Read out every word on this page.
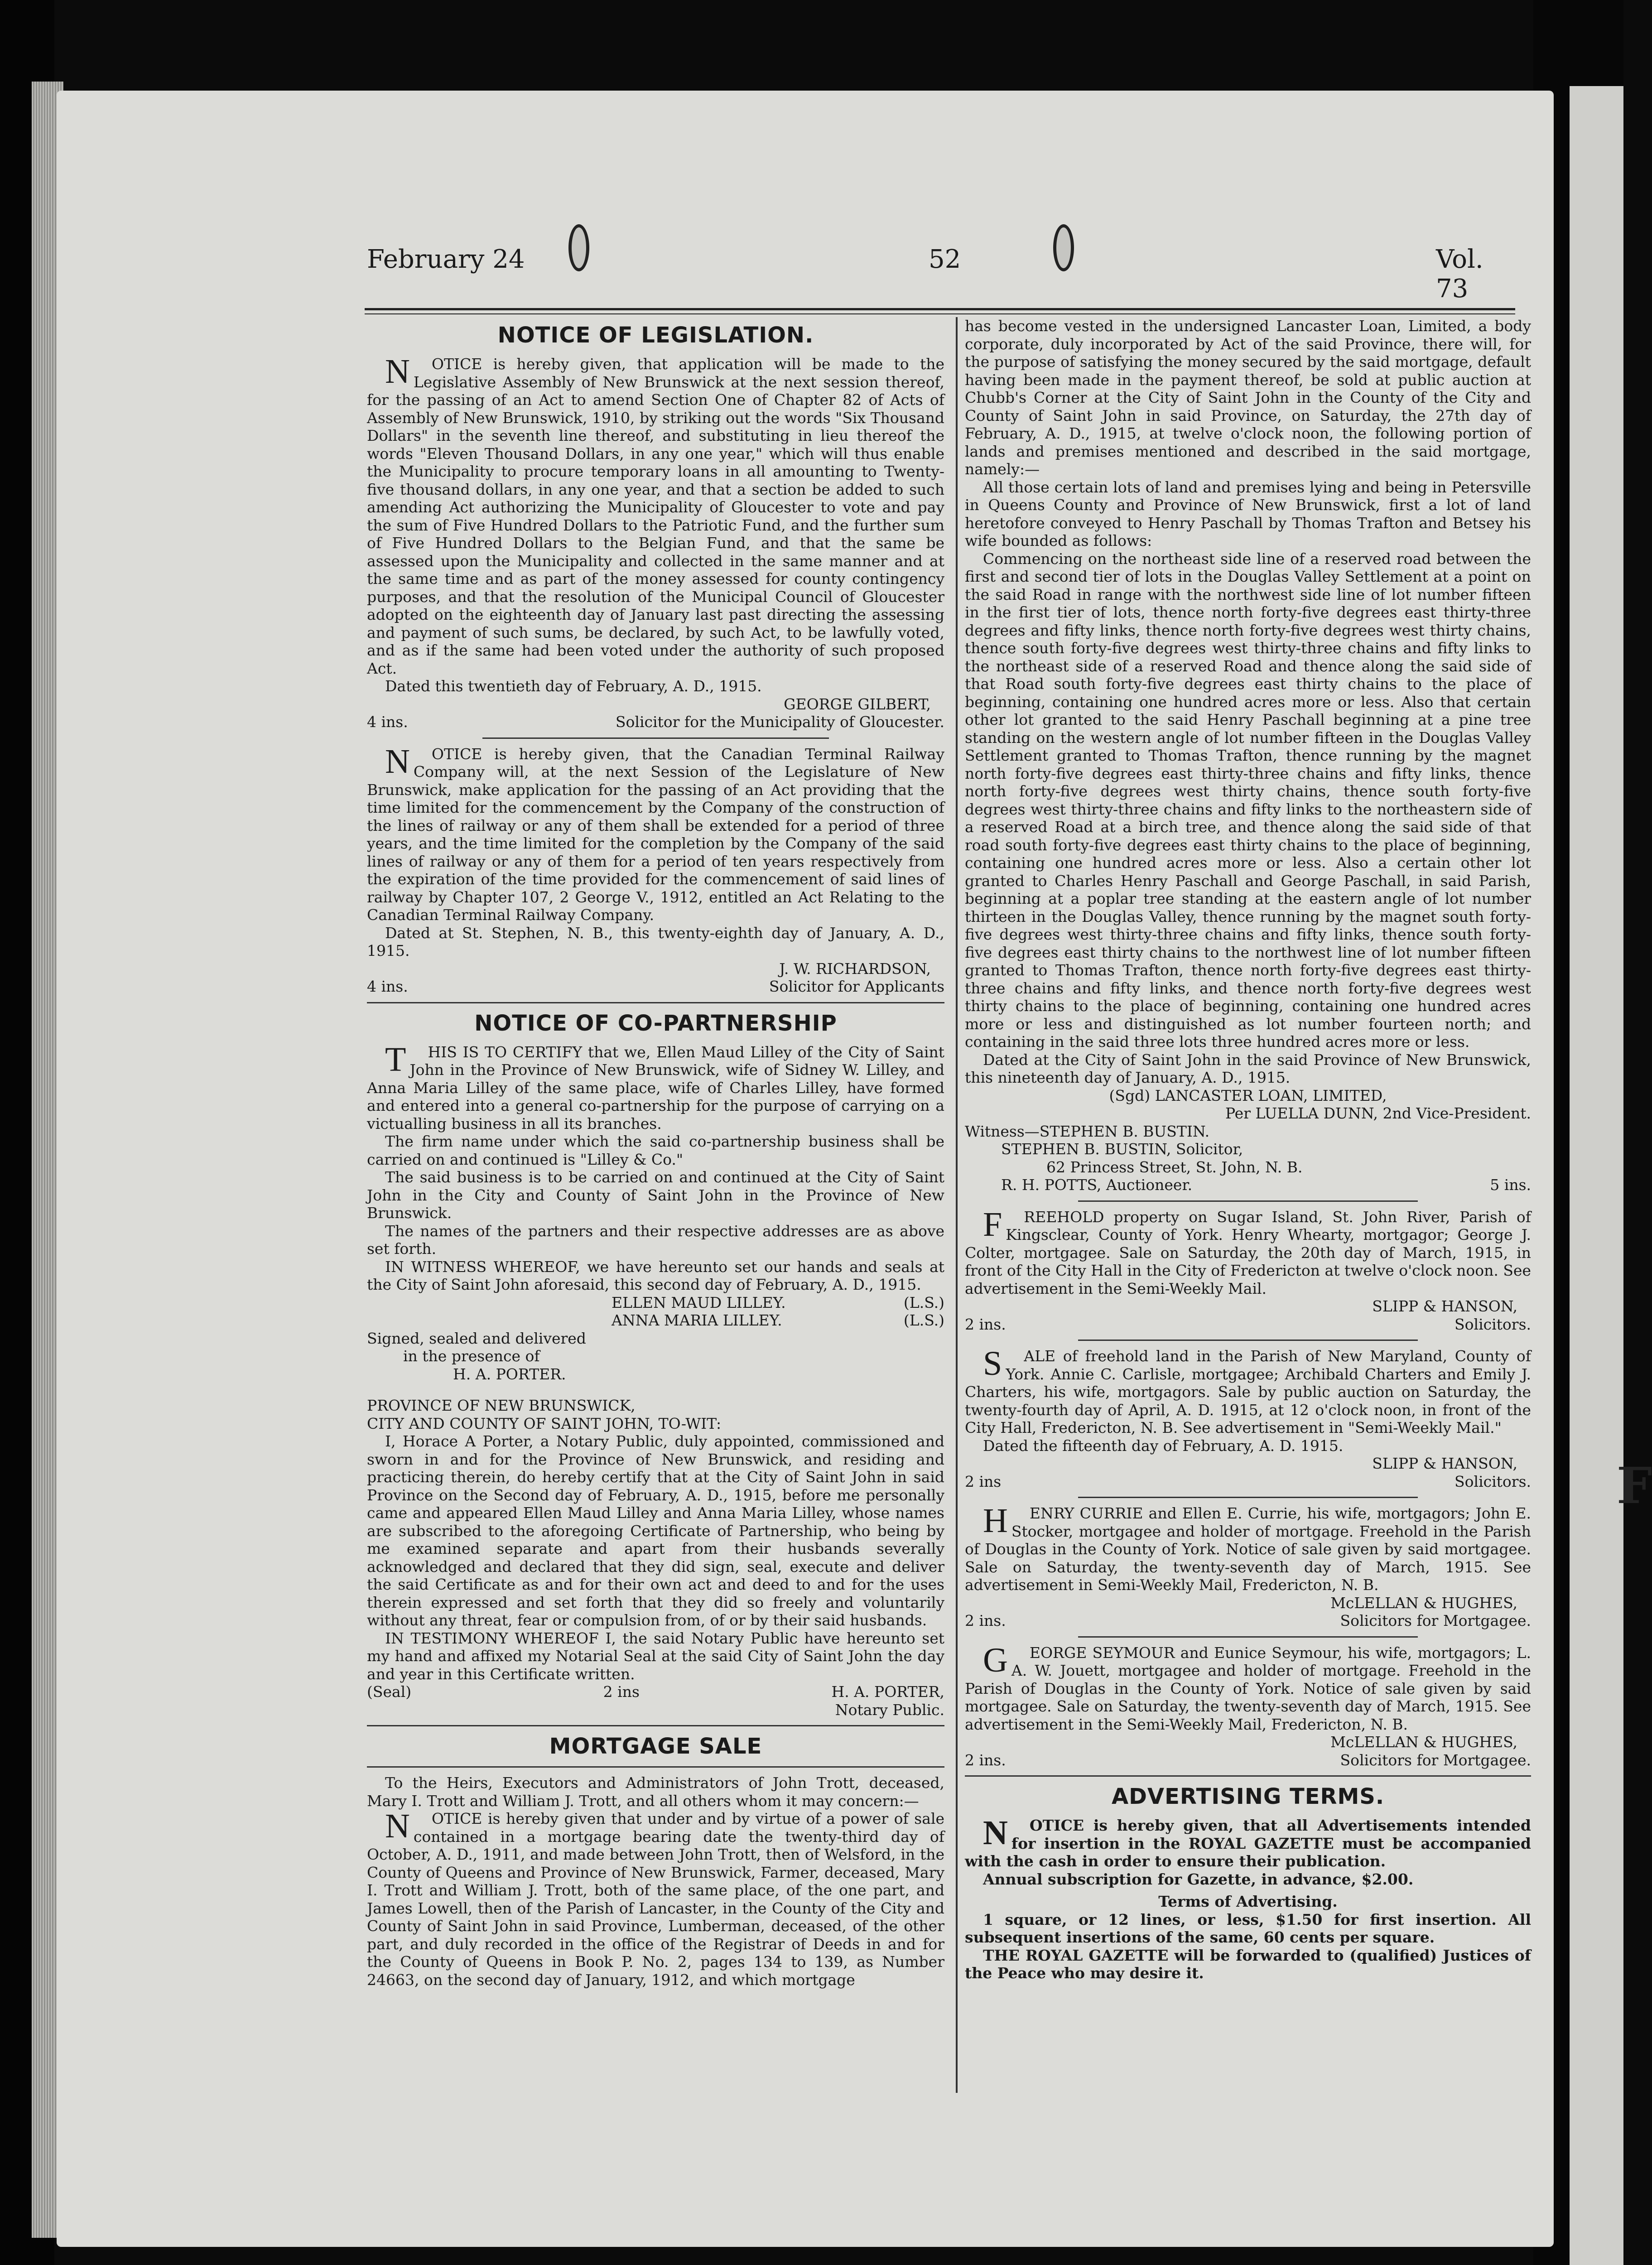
F
February 24	52	Vol. 73
NOTICE OF LEGISLATION.

N OTICE is hereby given, that application will be made to the Legislative Assembly of New Brunswick at the next session thereof, for the passing of an Act to amend Section One of Chapter 82 of Acts of Assembly of New Brunswick, 1910, by striking out the words "Six Thousand Dollars" in the seventh line thereof, and substituting in lieu thereof the words "Eleven Thousand Dollars, in any one year," which will thus enable the Municipality to procure temporary loans in all amounting to Twenty-five thousand dollars, in any one year, and that a section be added to such amending Act authorizing the Municipality of Gloucester to vote and pay the sum of Five Hundred Dollars to the Patriotic Fund, and the further sum of Five Hundred Dollars to the Belgian Fund, and that the same be assessed upon the Municipality and collected in the same manner and at the same time and as part of the money assessed for county contingency purposes, and that the resolution of the Municipal Council of Gloucester adopted on the eighteenth day of January last past directing the assessing and payment of such sums, be declared, by such Act, to be lawfully voted, and as if the same had been voted under the authority of such proposed Act.

Dated this twentieth day of February, A. D., 1915.

GEORGE GILBERT,

4 ins.	Solicitor for the Municipality of Gloucester.

N OTICE is hereby given, that the Canadian Terminal Railway Company will, at the next Session of the Legislature of New Brunswick, make application for the passing of an Act providing that the time limited for the commencement by the Company of the construction of the lines of railway or any of them shall be extended for a period of three years, and the time limited for the completion by the Company of the said lines of railway or any of them for a period of ten years respectively from the expiration of the time provided for the commencement of said lines of railway by Chapter 107, 2 George V., 1912, entitled an Act Relating to the Canadian Terminal Railway Company.

Dated at St. Stephen, N. B., this twenty-eighth day of January, A. D., 1915.

J. W. RICHARDSON,

4 ins.	Solicitor for Applicants
NOTICE OF CO-PARTNERSHIP

T HIS IS TO CERTIFY that we, Ellen Maud Lilley of the City of Saint John in the Province of New Brunswick, wife of Sidney W. Lilley, and Anna Maria Lilley of the same place, wife of Charles Lilley, have formed and entered into a general co-partnership for the purpose of carrying on a victualling business in all its branches.

The firm name under which the said co-partnership business shall be carried on and continued is "Lilley & Co."

The said business is to be carried on and continued at the City of Saint John in the City and County of Saint John in the Province of New Brunswick.

The names of the partners and their respective addresses are as above set forth.

IN WITNESS WHEREOF, we have hereunto set our hands and seals at the City of Saint John aforesaid, this second day of February, A. D., 1915.

ELLEN MAUD LILLEY.	(L.S.)
ANNA MARIA LILLEY.	(L.S.)

Signed, sealed and delivered

in the presence of

H. A. PORTER.

PROVINCE OF NEW BRUNSWICK,

CITY AND COUNTY OF SAINT JOHN, TO-WIT:

I, Horace A Porter, a Notary Public, duly appointed, commissioned and sworn in and for the Province of New Brunswick, and residing and practicing therein, do hereby certify that at the City of Saint John in said Province on the Second day of February, A. D., 1915, before me personally came and appeared Ellen Maud Lilley and Anna Maria Lilley, whose names are subscribed to the aforegoing Certificate of Partnership, who being by me examined separate and apart from their husbands severally acknowledged and declared that they did sign, seal, execute and deliver the said Certificate as and for their own act and deed to and for the uses therein expressed and set forth that they did so freely and voluntarily without any threat, fear or compulsion from, of or by their said husbands.

IN TESTIMONY WHEREOF I, the said Notary Public have hereunto set my hand and affixed my Notarial Seal at the said City of Saint John the day and year in this Certificate written.

(Seal)	2 ins	H. A. PORTER,

Notary Public.

MORTGAGE SALE

To the Heirs, Executors and Administrators of John Trott, deceased, Mary I. Trott and William J. Trott, and all others whom it may concern:—

N OTICE is hereby given that under and by virtue of a power of sale contained in a mortgage bearing date the twenty-third day of October, A. D., 1911, and made between John Trott, then of Welsford, in the County of Queens and Province of New Brunswick, Farmer, deceased, Mary I. Trott and William J. Trott, both of the same place, of the one part, and James Lowell, then of the Parish of Lancaster, in the County of the City and County of Saint John in said Province, Lumberman, deceased, of the other part, and duly recorded in the office of the Registrar of Deeds in and for the County of Queens in Book P. No. 2, pages 134 to 139, as Number 24663, on the second day of January, 1912, and which mortgage

has become vested in the undersigned Lancaster Loan, Limited, a body corporate, duly incorporated by Act of the said Province, there will, for the purpose of satisfying the money secured by the said mortgage, default having been made in the payment thereof, be sold at public auction at Chubb's Corner at the City of Saint John in the County of the City and County of Saint John in said Province, on Saturday, the 27th day of February, A. D., 1915, at twelve o'clock noon, the following portion of lands and premises mentioned and described in the said mortgage, namely:—

All those certain lots of land and premises lying and being in Petersville in Queens County and Province of New Brunswick, first a lot of land heretofore conveyed to Henry Paschall by Thomas Trafton and Betsey his wife bounded as follows:

Commencing on the northeast side line of a reserved road between the first and second tier of lots in the Douglas Valley Settlement at a point on the said Road in range with the northwest side line of lot number fifteen in the first tier of lots, thence north forty-five degrees east thirty-three degrees and fifty links, thence north forty-five degrees west thirty chains, thence south forty-five degrees west thirty-three chains and fifty links to the northeast side of a reserved Road and thence along the said side of that Road south forty-five degrees east thirty chains to the place of beginning, containing one hundred acres more or less. Also that certain other lot granted to the said Henry Paschall beginning at a pine tree standing on the western angle of lot number fifteen in the Douglas Valley Settlement granted to Thomas Trafton, thence running by the magnet north forty-five degrees east thirty-three chains and fifty links, thence north forty-five degrees west thirty chains, thence south forty-five degrees west thirty-three chains and fifty links to the northeastern side of a reserved Road at a birch tree, and thence along the said side of that road south forty-five degrees east thirty chains to the place of beginning, containing one hundred acres more or less. Also a certain other lot granted to Charles Henry Paschall and George Paschall, in said Parish, beginning at a poplar tree standing at the eastern angle of lot number thirteen in the Douglas Valley, thence running by the magnet south forty-five degrees west thirty-three chains and fifty links, thence south forty-five degrees east thirty chains to the northwest line of lot number fifteen granted to Thomas Trafton, thence north forty-five degrees east thirty-three chains and fifty links, and thence north forty-five degrees west thirty chains to the place of beginning, containing one hundred acres more or less and distinguished as lot number fourteen north; and containing in the said three lots three hundred acres more or less.

Dated at the City of Saint John in the said Province of New Brunswick, this nineteenth day of January, A. D., 1915.

(Sgd) LANCASTER LOAN, LIMITED,

Per LUELLA DUNN, 2nd Vice-President.

Witness—STEPHEN B. BUSTIN.

STEPHEN B. BUSTIN, Solicitor,

62 Princess Street, St. John, N. B.

R. H. POTTS, Auctioneer.	5 ins.

F REEHOLD property on Sugar Island, St. John River, Parish of Kingsclear, County of York. Henry Whearty, mortgagor; George J. Colter, mortgagee. Sale on Saturday, the 20th day of March, 1915, in front of the City Hall in the City of Fredericton at twelve o'clock noon. See advertisement in the Semi-Weekly Mail.

SLIPP & HANSON,

2 ins.	Solicitors.

S ALE of freehold land in the Parish of New Maryland, County of York. Annie C. Carlisle, mortgagee; Archibald Charters and Emily J. Charters, his wife, mortgagors. Sale by public auction on Saturday, the twenty-fourth day of April, A. D. 1915, at 12 o'clock noon, in front of the City Hall, Fredericton, N. B. See advertisement in "Semi-Weekly Mail."

Dated the fifteenth day of February, A. D. 1915.

SLIPP & HANSON,

2 ins	Solicitors.

H ENRY CURRIE and Ellen E. Currie, his wife, mortgagors; John E. Stocker, mortgagee and holder of mortgage. Freehold in the Parish of Douglas in the County of York. Notice of sale given by said mortgagee. Sale on Saturday, the twenty-seventh day of March, 1915. See advertisement in Semi-Weekly Mail, Fredericton, N. B.

McLELLAN & HUGHES,

2 ins.	Solicitors for Mortgagee.

G EORGE SEYMOUR and Eunice Seymour, his wife, mortgagors; L. A. W. Jouett, mortgagee and holder of mortgage. Freehold in the Parish of Douglas in the County of York. Notice of sale given by said mortgagee. Sale on Saturday, the twenty-seventh day of March, 1915. See advertisement in the Semi-Weekly Mail, Fredericton, N. B.

McLELLAN & HUGHES,

2 ins.	Solicitors for Mortgagee.
ADVERTISING TERMS.

N OTICE is hereby given, that all Advertisements intended for insertion in the ROYAL GAZETTE must be accompanied with the cash in order to ensure their publication.

Annual subscription for Gazette, in advance, $2.00.

Terms of Advertising.

1 square, or 12 lines, or less, $1.50 for first insertion. All subsequent insertions of the same, 60 cents per square.

THE ROYAL GAZETTE will be forwarded to (qualified) Justices of the Peace who may desire it.
